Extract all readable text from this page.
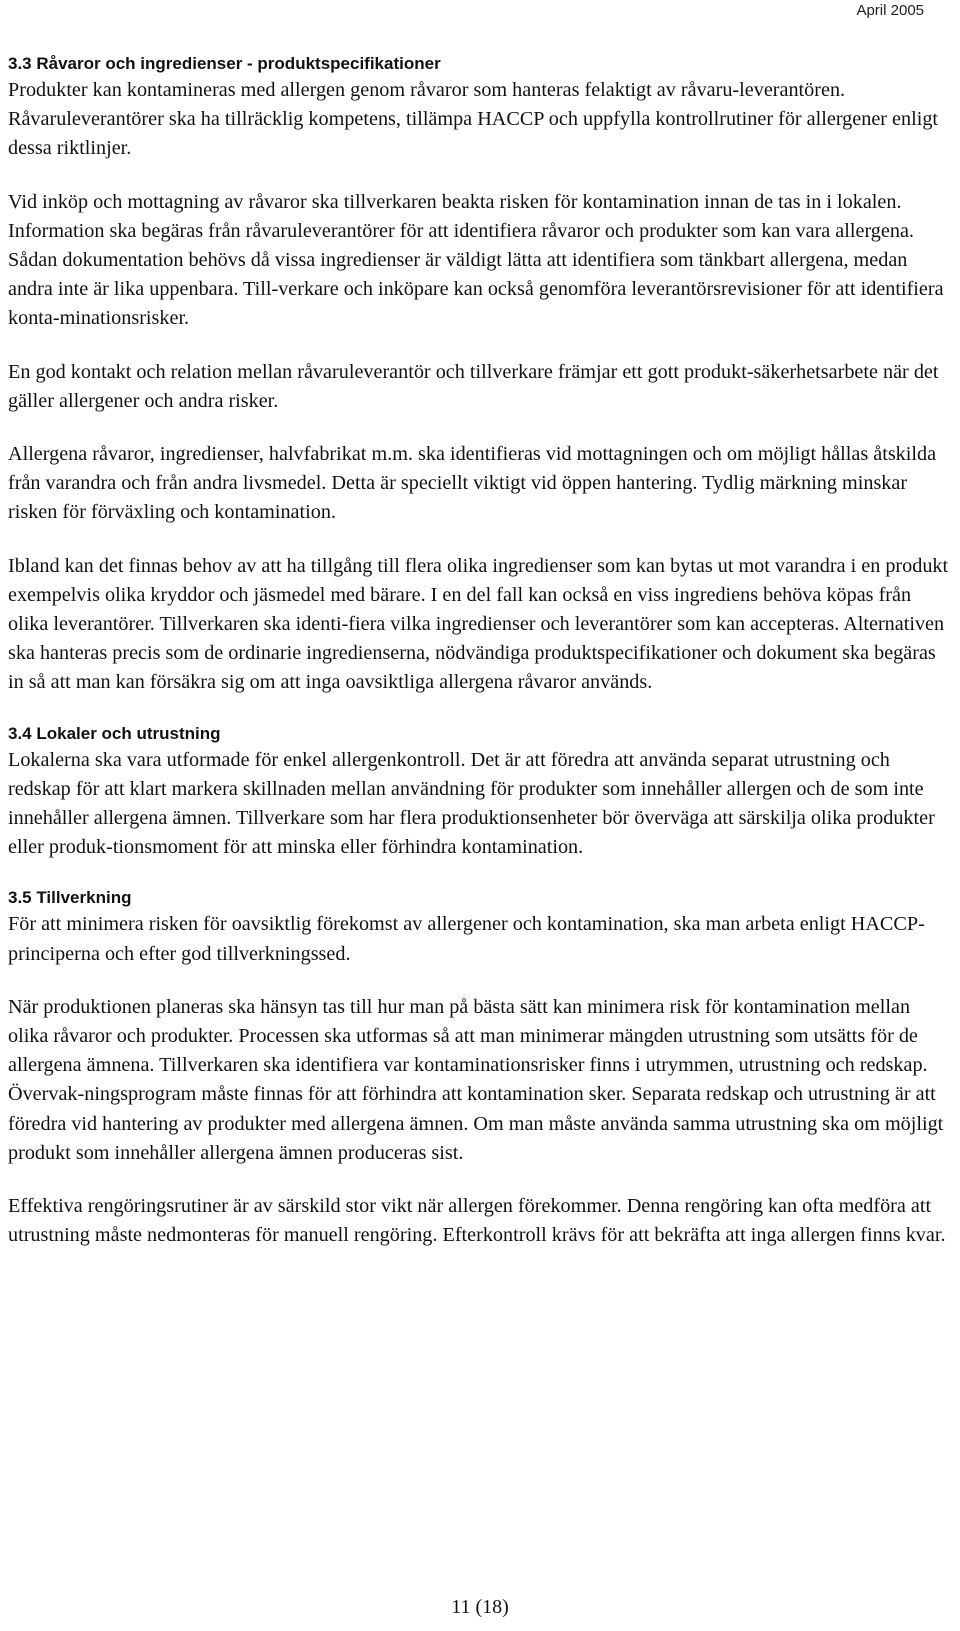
April 2005
3.3 Råvaror och ingredienser - produktspecifikationer

Produkter kan kontamineras med allergen genom råvaror som hanteras felaktigt av råvaru-leverantören. Råvaruleverantörer ska ha tillräcklig kompetens, tillämpa HACCP och uppfylla kontrollrutiner för allergener enligt dessa riktlinjer.

Vid inköp och mottagning av råvaror ska tillverkaren beakta risken för kontamination innan de tas in i lokalen. Information ska begäras från råvaruleverantörer för att identifiera råvaror och produkter som kan vara allergena. Sådan dokumentation behövs då vissa ingredienser är väldigt lätta att identifiera som tänkbart allergena, medan andra inte är lika uppenbara. Till-verkare och inköpare kan också genomföra leverantörsrevisioner för att identifiera konta-minationsrisker.

En god kontakt och relation mellan råvaruleverantör och tillverkare främjar ett gott produkt-säkerhetsarbete när det gäller allergener och andra risker.

Allergena råvaror, ingredienser, halvfabrikat m.m. ska identifieras vid mottagningen och om möjligt hållas åtskilda från varandra och från andra livsmedel. Detta är speciellt viktigt vid öppen hantering. Tydlig märkning minskar risken för förväxling och kontamination.

Ibland kan det finnas behov av att ha tillgång till flera olika ingredienser som kan bytas ut mot varandra i en produkt exempelvis olika kryddor och jäsmedel med bärare. I en del fall kan också en viss ingrediens behöva köpas från olika leverantörer. Tillverkaren ska identi-fiera vilka ingredienser och leverantörer som kan accepteras. Alternativen ska hanteras precis som de ordinarie ingredienserna, nödvändiga produktspecifikationer och dokument ska begäras in så att man kan försäkra sig om att inga oavsiktliga allergena råvaror används.

3.4 Lokaler och utrustning

Lokalerna ska vara utformade för enkel allergenkontroll. Det är att föredra att använda separat utrustning och redskap för att klart markera skillnaden mellan användning för produkter som innehåller allergen och de som inte innehåller allergena ämnen. Tillverkare som har flera produktionsenheter bör överväga att särskilja olika produkter eller produk-tionsmoment för att minska eller förhindra kontamination.

3.5 Tillverkning

För att minimera risken för oavsiktlig förekomst av allergener och kontamination, ska man arbeta enligt HACCP- principerna och efter god tillverkningssed.

När produktionen planeras ska hänsyn tas till hur man på bästa sätt kan minimera risk för kontamination mellan olika råvaror och produkter. Processen ska utformas så att man minimerar mängden utrustning som utsätts för de allergena ämnena. Tillverkaren ska identifiera var kontaminationsrisker finns i utrymmen, utrustning och redskap. Övervak-ningsprogram måste finnas för att förhindra att kontamination sker. Separata redskap och utrustning är att föredra vid hantering av produkter med allergena ämnen. Om man måste använda samma utrustning ska om möjligt produkt som innehåller allergena ämnen produceras sist.

Effektiva rengöringsrutiner är av särskild stor vikt när allergen förekommer. Denna rengöring kan ofta medföra att utrustning måste nedmonteras för manuell rengöring. Efterkontroll krävs för att bekräfta att inga allergen finns kvar.

11 (18)
